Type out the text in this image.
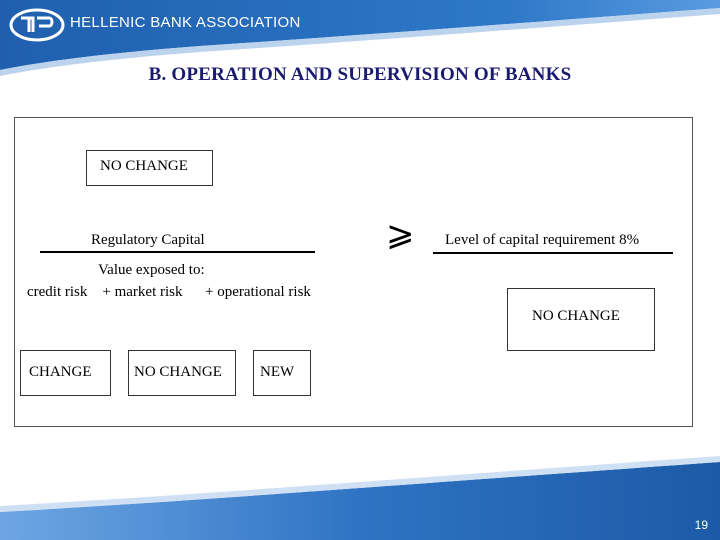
HELLENIC BANK ASSOCIATION
B. OPERATION AND SUPERVISION OF BANKS
NO CHANGE
Regulatory Capital	⩾ Level of capital requirement 8%
Value exposed to:
credit risk    + market risk      + operational risk
NO CHANGE
CHANGE	NO CHANGE	NEW
19
